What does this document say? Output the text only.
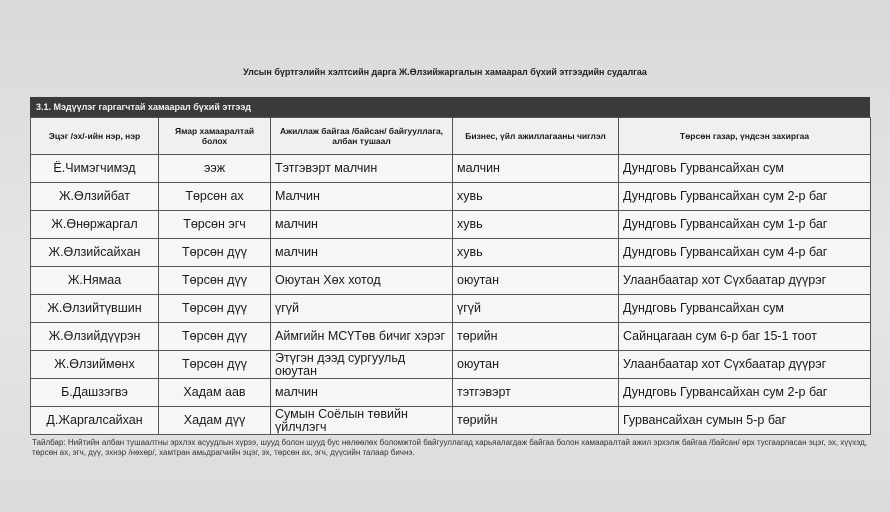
Улсын бүртгэлийн хэлтсийн дарга Ж.Өлзийжаргалын хамаарал бүхий этгээдийн судалгаа
3.1. Мэдүүлэг гаргагчтай хамаарал бүхий этгээд
Эцэг /эх/-ийн нэр, нэр	Ямар хамааралтай болох	Ажиллаж байгаа /байсан/ байгууллага, албан тушаал	Бизнес, үйл ажиллагааны чиглэл	Төрсөн газар, үндсэн захиргаа
Ё.Чимэгчимэд	ээж	Тэтгэвэрт малчин	малчин	Дундговь Гурвансайхан сум
Ж.Өлзийбат	Төрсөн ах	Малчин	хувь	Дундговь Гурвансайхан сум 2-р баг
Ж.Өнөржаргал	Төрсөн эгч	малчин	хувь	Дундговь Гурвансайхан сум 1-р баг
Ж.Өлзийсайхан	Төрсөн дүү	малчин	хувь	Дундговь Гурвансайхан сум 4-р баг
Ж.Нямаа	Төрсөн дүү	Оюутан Хөх хотод	оюутан	Улаанбаатар хот Сүхбаатар дүүрэг
Ж.Өлзийтүвшин	Төрсөн дүү	үгүй	үгүй	Дундговь Гурвансайхан сум
Ж.Өлзийдүүрэн	Төрсөн дүү	Аймгийн МСҮТөв бичиг хэрэг	төрийн	Сайнцагаан сум 6-р баг 15-1 тоот
Ж.Өлзиймөнх	Төрсөн дүү	Этүгэн дээд сургуульд оюутан	оюутан	Улаанбаатар хот Сүхбаатар дүүрэг
Б.Дашзэгвэ	Хадам аав	малчин	тэтгэвэрт	Дундговь Гурвансайхан сум 2-р баг
Д.Жаргалсайхан	Хадам дүү	Сумын Соёлын төвийн үйлчлэгч	төрийн	Гурвансайхан сумын 5-р баг
Тайлбар: Нийтийн албан тушаалтны эрхлэх асуудлын хүрээ, шууд болон шууд бус нөлөөлөх боломжтой байгууллагад харьяалагдаж байгаа болон хамааралтай ажил эрхэлж байгаа /байсан/ өрх тусгаарласан эцэг, эх, хүүхэд, төрсөн ах, эгч, дүү, эхнэр /нөхөр/, хамтран амьдрагчийн эцэг, эх, төрсөн ах, эгч, дүүсийн талаар бичнэ.
